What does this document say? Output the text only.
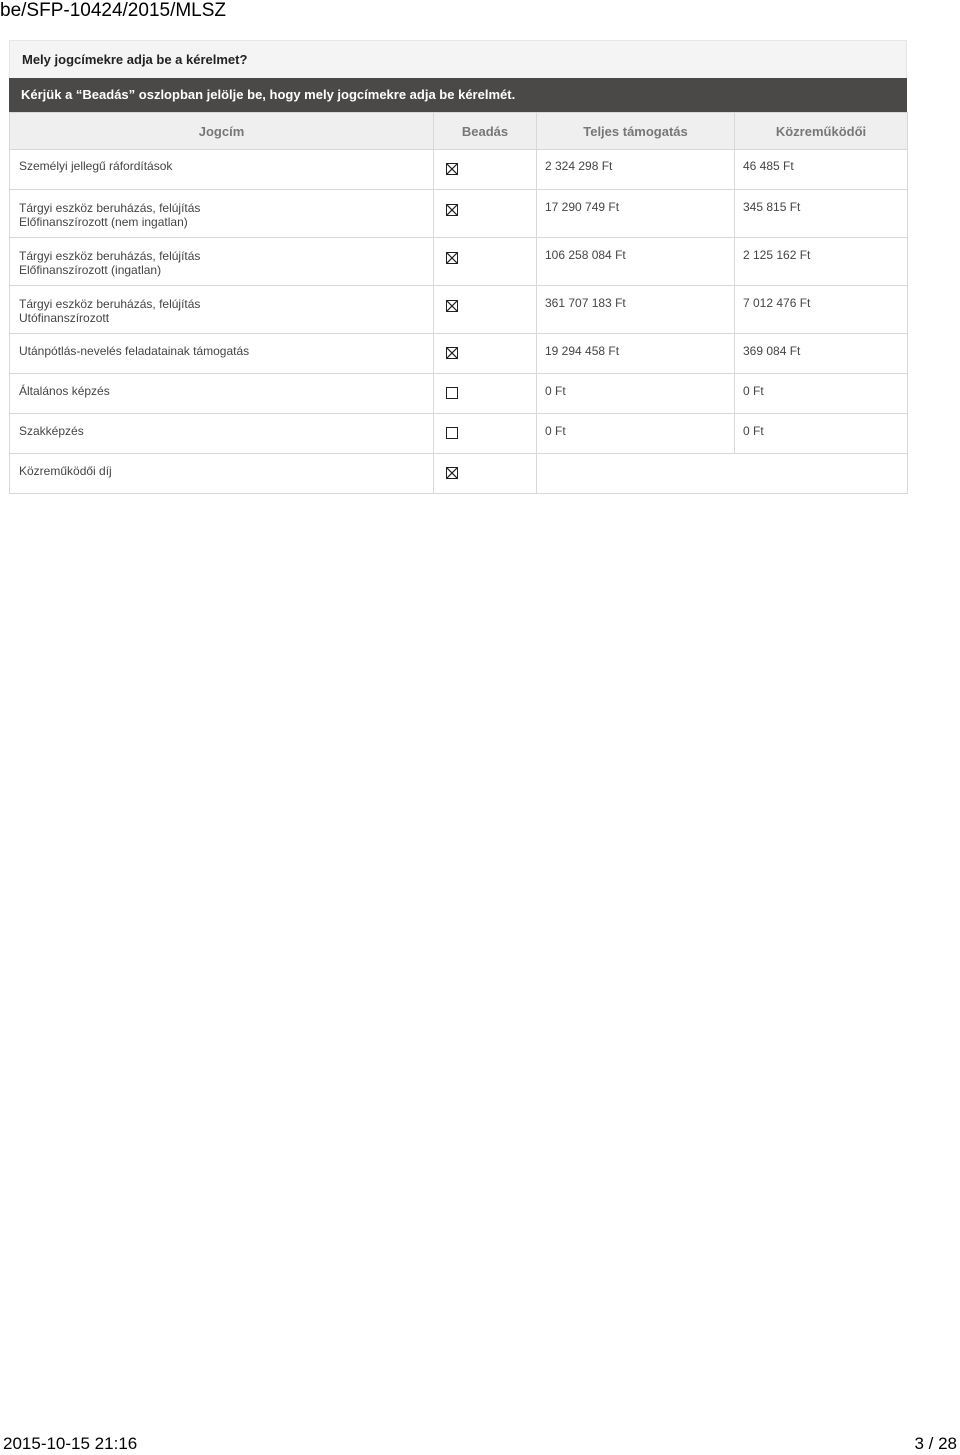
be/SFP-10424/2015/MLSZ
Mely jogcímekre adja be a kérelmet?
Kérjük a “Beadás” oszlopban jelölje be, hogy mely jogcímekre adja be kérelmét.
Jogcím	Beadás	Teljes támogatás	Közreműködői

Személyi jellegű ráfordítások		2 324 298 Ft	46 485 Ft

Tárgyi eszköz beruházás, felújítás
Előfinanszírozott (nem ingatlan)		17 290 749 Ft	345 815 Ft

Tárgyi eszköz beruházás, felújítás
Előfinanszírozott (ingatlan)		106 258 084 Ft	2 125 162 Ft

Tárgyi eszköz beruházás, felújítás
Utófinanszírozott		361 707 183 Ft	7 012 476 Ft

Utánpótlás-nevelés feladatainak támogatás		19 294 458 Ft	369 084 Ft

Általános képzés		0 Ft	0 Ft

Szakképzés		0 Ft	0 Ft

Közreműködői díj

2015-10-15 21:16	3 / 28
